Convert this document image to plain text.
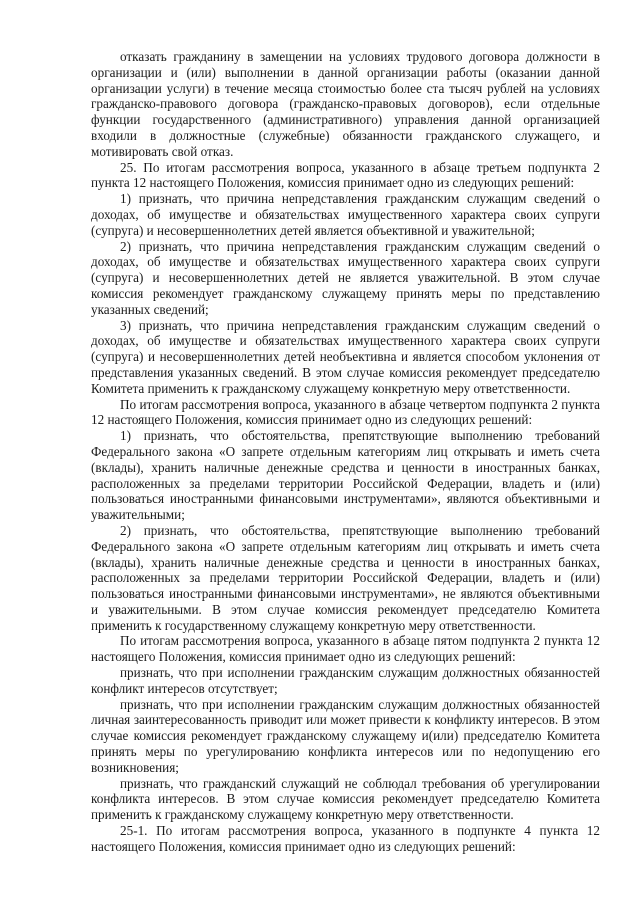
отказать гражданину в замещении на условиях трудового договора должности в организации и (или) выполнении в данной организации работы (оказании данной организации услуги) в течение месяца стоимостью более ста тысяч рублей на условиях гражданско-правового договора (гражданско-правовых договоров), если отдельные функции государственного (административного) управления данной организацией входили в должностные (служебные) обязанности гражданского служащего, и мотивировать свой отказ.

25. По итогам рассмотрения вопроса, указанного в абзаце третьем подпункта 2 пункта 12 настоящего Положения, комиссия принимает одно из следующих решений:

1) признать, что причина непредставления гражданским служащим сведений о доходах, об имуществе и обязательствах имущественного характера своих супруги (супруга) и несовершеннолетних детей является объективной и уважительной;

2) признать, что причина непредставления гражданским служащим сведений о доходах, об имуществе и обязательствах имущественного характера своих супруги (супруга) и несовершеннолетних детей не является уважительной. В этом случае комиссия рекомендует гражданскому служащему принять меры по представлению указанных сведений;

3) признать, что причина непредставления гражданским служащим сведений о доходах, об имуществе и обязательствах имущественного характера своих супруги (супруга) и несовершеннолетних детей необъективна и является способом уклонения от представления указанных сведений. В этом случае комиссия рекомендует председателю Комитета применить к гражданскому служащему конкретную меру ответственности.

По итогам рассмотрения вопроса, указанного в абзаце четвертом подпункта 2 пункта 12 настоящего Положения, комиссия принимает одно из следующих решений:

1) признать, что обстоятельства, препятствующие выполнению требований Федерального закона «О запрете отдельным категориям лиц открывать и иметь счета (вклады), хранить наличные денежные средства и ценности в иностранных банках, расположенных за пределами территории Российской Федерации, владеть и (или) пользоваться иностранными финансовыми инструментами», являются объективными и уважительными;

2) признать, что обстоятельства, препятствующие выполнению требований Федерального закона «О запрете отдельным категориям лиц открывать и иметь счета (вклады), хранить наличные денежные средства и ценности в иностранных банках, расположенных за пределами территории Российской Федерации, владеть и (или) пользоваться иностранными финансовыми инструментами», не являются объективными и уважительными. В этом случае комиссия рекомендует председателю Комитета применить к государственному служащему конкретную меру ответственности.

По итогам рассмотрения вопроса, указанного в абзаце пятом подпункта 2 пункта 12 настоящего Положения, комиссия принимает одно из следующих решений:

признать, что при исполнении гражданским служащим должностных обязанностей конфликт интересов отсутствует;

признать, что при исполнении гражданским служащим должностных обязанностей личная заинтересованность приводит или может привести к конфликту интересов. В этом случае комиссия рекомендует гражданскому служащему и(или) председателю Комитета принять меры по урегулированию конфликта интересов или по недопущению его возникновения;

признать, что гражданский служащий не соблюдал требования об урегулировании конфликта интересов. В этом случае комиссия рекомендует председателю Комитета применить к гражданскому служащему конкретную меру ответственности.

25-1. По итогам рассмотрения вопроса, указанного в подпункте 4 пункта 12 настоящего Положения, комиссия принимает одно из следующих решений:
